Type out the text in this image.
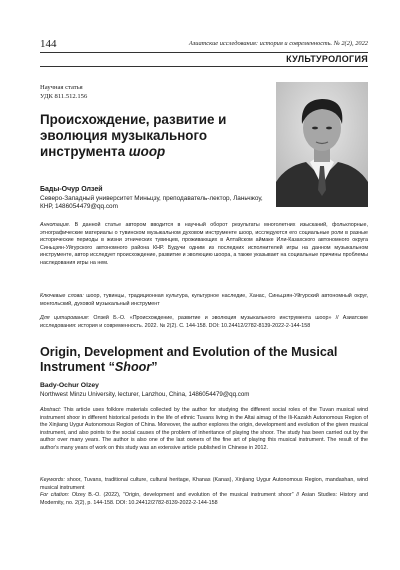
144	Азиатские исследования: история и современность. № 2(2), 2022
КУЛЬТУРОЛОГИЯ
Научная статья
УДК 811.512.156
Происхождение, развитие и эволюция музыкального инструмента шоор
Бады-Очур Олзей
Северо-Западный университет Миньцзу, преподаватель-лектор, Ланьчжоу, КНР, 1486054479@qq.com
Аннотация. В данной статье автором вводится в научный оборот результаты многолетних изысканий, фольклорные, этнографические материалы о тувинском музыкальном духовом инструменте шоор, исследуются его социальные роли в разные исторические периоды в жизни этнических тувинцев, проживающих в Алтайском аймаке Или-Казахского автономного округа Синьцзян-Уйгурского автономного района КНР. Будучи одним из последних исполнителей игры на данном музыкальном инструменте, автор исследует происхождение, развитие и эволюцию шоора, а также указывает на социальные причины проблемы наследования игры на нем.
Ключевые слова: шоор, тувинцы, традиционная культура, культурное наследие, Ханас, Синьцзян-Уйгурский автономный округ, монгольский, духовой музыкальный инструмент
Для цитирования: Олзей Б.-О. «Происхождение, развитие и эволюция музыкального инструмента шоор» // Азиатские исследования: история и современность. 2022. № 2(2). С. 144-158. DOI: 10.24412/2782-8139-2022-2-144-158
Origin, Development and Evolution of the Musical Instrument “Shoor”
Bady-Ochur Olzey
Northwest Minzu University, lecturer, Lanzhou, China, 1486054479@qq.com
Abstract: This article uses folklore materials collected by the author for studying the different social roles of the Tuvan musical wind instrument shoor in different historical periods in the life of ethnic Tuvans living in the Altai aimag of the Ili-Kazakh Autonomous Region of the Xinjiang Uygur Autonomous Region of China. Moreover, the author explores the origin, development and evolution of the given musical instrument, and also points to the social causes of the problem of inheritance of playing the shoor. The study has been carried out by the author over many years. The author is also one of the last owners of the fine art of playing this musical instrument. The result of the author's many years of work on this study was an extensive article published in Chinese in 2012.
Keywords: shoor, Tuvans, traditional culture, cultural heritage, Khanas (Kanas), Xinjiang Uygur Autonomous Region, mandashan, wind musical instrument
For citation: Olzey B.-O. (2022), “Origin, development and evolution of the musical instrument shoor” // Asian Studies: History and Modernity, no. 2(2), p. 144-158. DOI: 10.24412/2782-8139-2022-2-144-158
